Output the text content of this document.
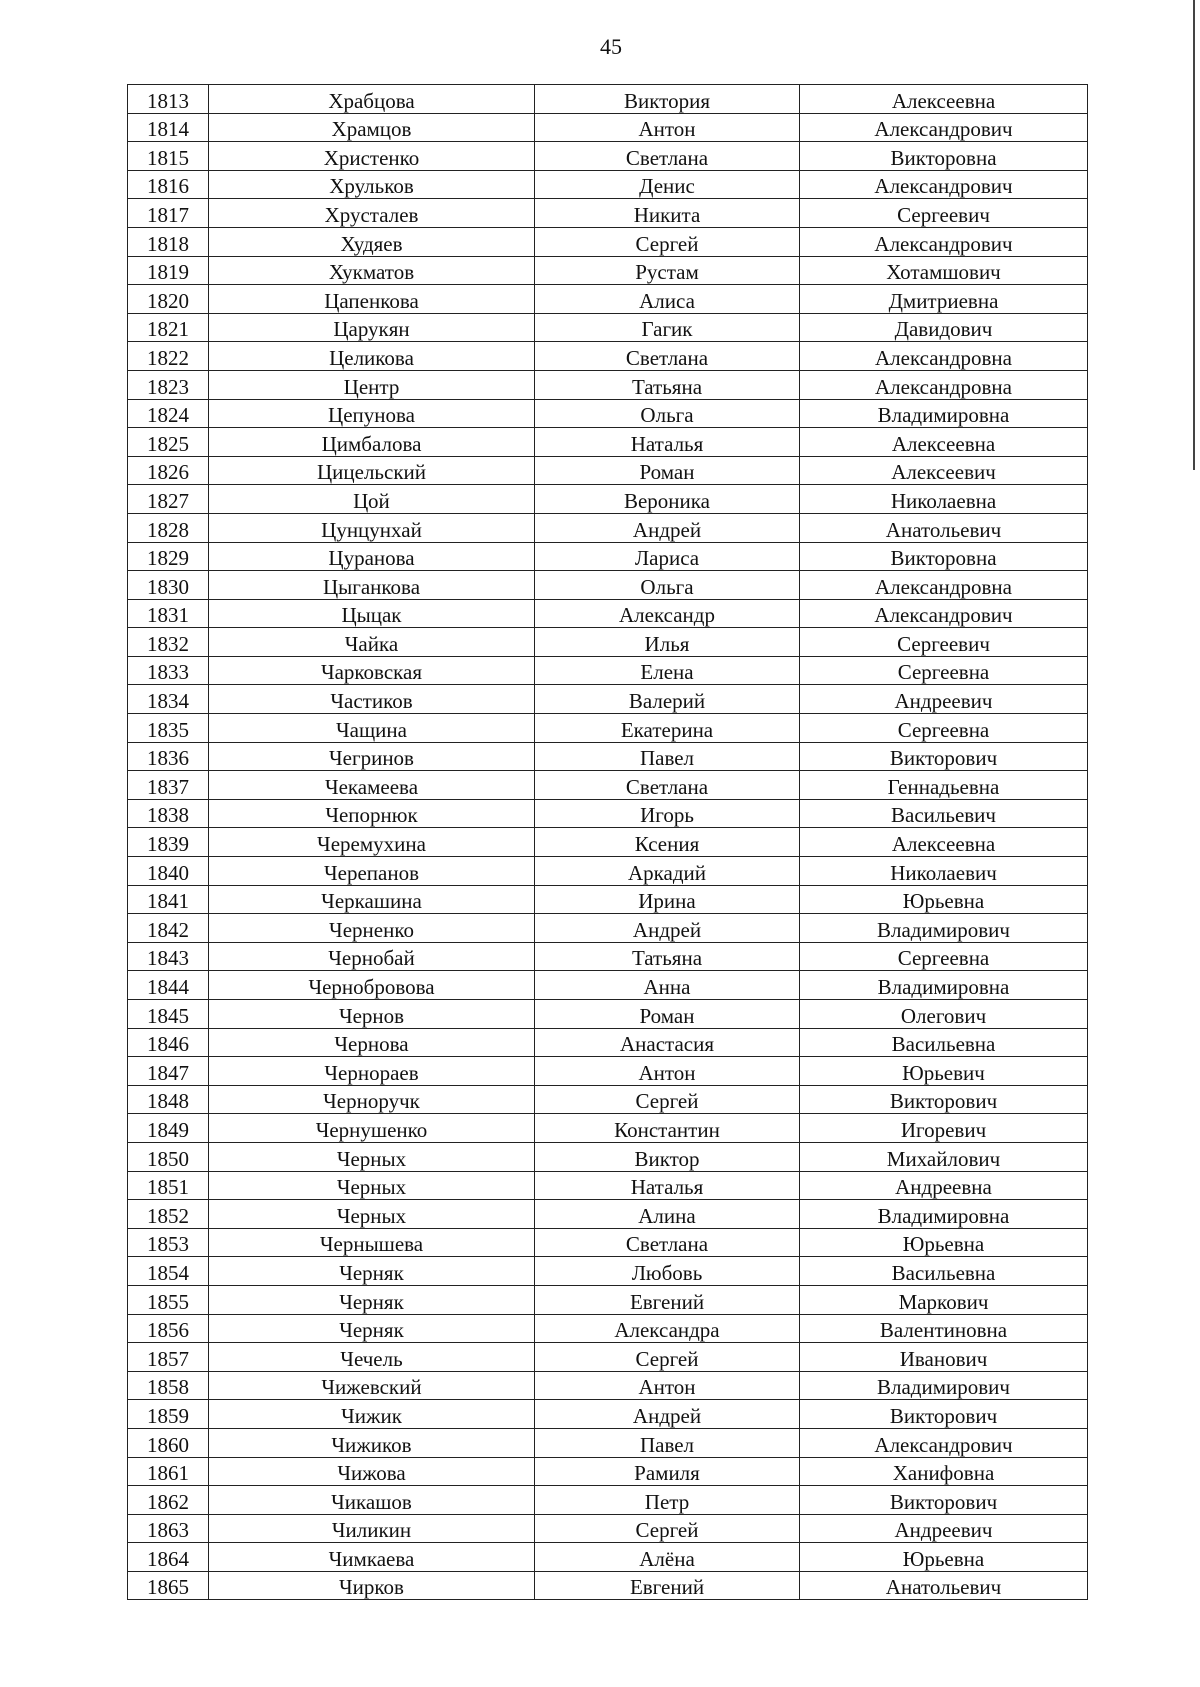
45
1813	Храбцова	Виктория	Алексеевна
1814	Храмцов	Антон	Александрович
1815	Христенко	Светлана	Викторовна
1816	Хрульков	Денис	Александрович
1817	Хрусталев	Никита	Сергеевич
1818	Худяев	Сергей	Александрович
1819	Хукматов	Рустам	Хотамшович
1820	Цапенкова	Алиса	Дмитриевна
1821	Царукян	Гагик	Давидович
1822	Целикова	Светлана	Александровна
1823	Центр	Татьяна	Александровна
1824	Цепунова	Ольга	Владимировна
1825	Цимбалова	Наталья	Алексеевна
1826	Цицельский	Роман	Алексеевич
1827	Цой	Вероника	Николаевна
1828	Цунцунхай	Андрей	Анатольевич
1829	Цуранова	Лариса	Викторовна
1830	Цыганкова	Ольга	Александровна
1831	Цыцак	Александр	Александрович
1832	Чайка	Илья	Сергеевич
1833	Чарковская	Елена	Сергеевна
1834	Частиков	Валерий	Андреевич
1835	Чащина	Екатерина	Сергеевна
1836	Чегринов	Павел	Викторович
1837	Чекамеева	Светлана	Геннадьевна
1838	Чепорнюк	Игорь	Васильевич
1839	Черемухина	Ксения	Алексеевна
1840	Черепанов	Аркадий	Николаевич
1841	Черкашина	Ирина	Юрьевна
1842	Черненко	Андрей	Владимирович
1843	Чернобай	Татьяна	Сергеевна
1844	Чернобровова	Анна	Владимировна
1845	Чернов	Роман	Олегович
1846	Чернова	Анастасия	Васильевна
1847	Чернораев	Антон	Юрьевич
1848	Черноручк	Сергей	Викторович
1849	Чернушенко	Константин	Игоревич
1850	Черных	Виктор	Михайлович
1851	Черных	Наталья	Андреевна
1852	Черных	Алина	Владимировна
1853	Чернышева	Светлана	Юрьевна
1854	Черняк	Любовь	Васильевна
1855	Черняк	Евгений	Маркович
1856	Черняк	Александра	Валентиновна
1857	Чечель	Сергей	Иванович
1858	Чижевский	Антон	Владимирович
1859	Чижик	Андрей	Викторович
1860	Чижиков	Павел	Александрович
1861	Чижова	Рамиля	Ханифовна
1862	Чикашов	Петр	Викторович
1863	Чиликин	Сергей	Андреевич
1864	Чимкаева	Алёна	Юрьевна
1865	Чирков	Евгений	Анатольевич
